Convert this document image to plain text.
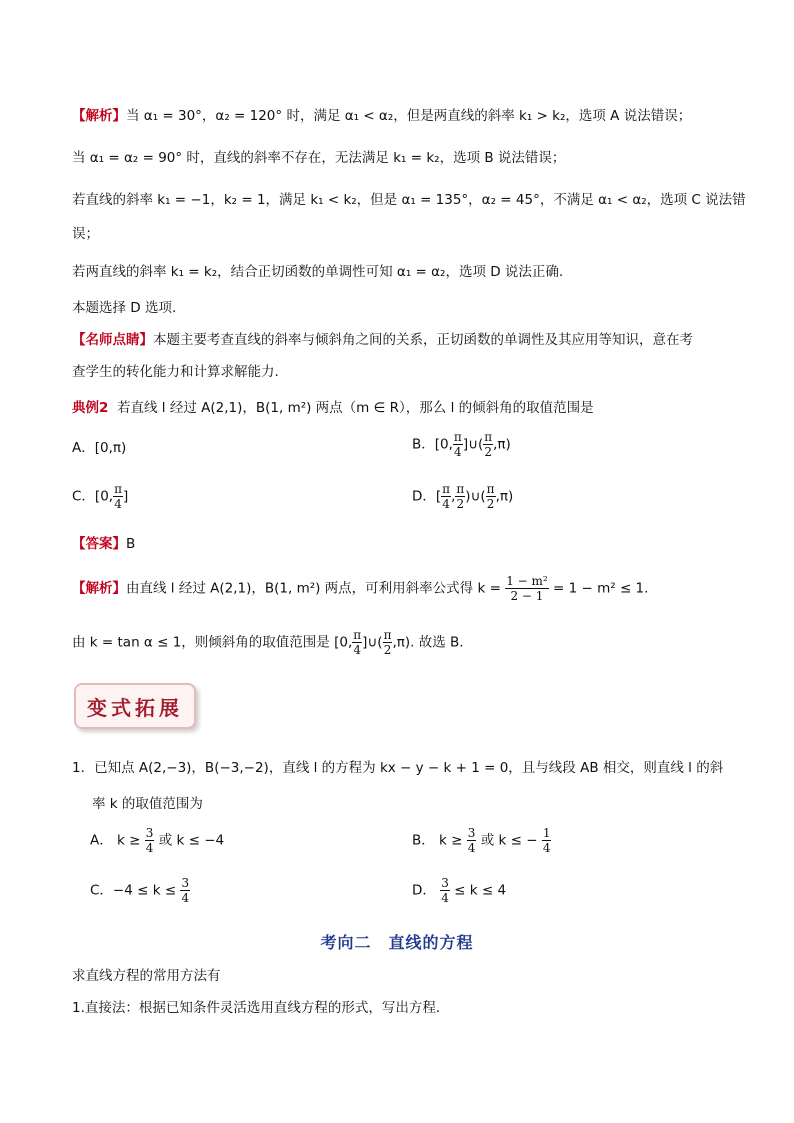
【解析】当 α₁ = 30°，α₂ = 120° 时，满足 α₁ < α₂，但是两直线的斜率 k₁ > k₂，选项 A 说法错误；
当 α₁ = α₂ = 90° 时，直线的斜率不存在，无法满足 k₁ = k₂，选项 B 说法错误；
若直线的斜率 k₁ = −1，k₂ = 1，满足 k₁ < k₂，但是 α₁ = 135°，α₂ = 45°，不满足 α₁ < α₂，选项 C 说法错
误；
若两直线的斜率 k₁ = k₂，结合正切函数的单调性可知 α₁ = α₂，选项 D 说法正确.
本题选择 D 选项.
【名师点睛】本题主要考查直线的斜率与倾斜角之间的关系，正切函数的单调性及其应用等知识，意在考
查学生的转化能力和计算求解能力.
典例2 若直线 l 经过 A(2,1)，B(1, m²) 两点（m ∈ R），那么 l 的倾斜角的取值范围是
A．[0,π)	B．[0, $\frac{\pi}{4}$ ]∪( $\frac{\pi}{2} ,\pi$)
C．[0, $\frac{\pi}{4}$ ]	D．[ $\frac{\pi}{4}$ , $\frac{\pi}{2}$ )∪( $\frac{\pi}{2} ,\pi$)
【答案】B
【解析】由直线 l 经过 A(2,1)，B(1, m²) 两点，可利用斜率公式得 $k = \frac{\text{1 − m²}}{2 - 1} = 1 - m^2 \le 1$.
由 k = tan α ≤ 1，则倾斜角的取值范围是 [0, $\frac{\pi}{4}$ ]∪( $\frac{\pi}{2} ,\pi$). 故选 B.
变式拓展
1．已知点 A(2,−3)，B(−3,−2)，直线 l 的方程为 kx − y − k + 1 = 0，且与线段 AB 相交，则直线 l 的斜
率 k 的取值范围为
A． $k \ge \frac{3}{4}$ 或 k ≤ −4	B． $k \ge \frac{3}{4}$ 或 k ≤ − $\frac{1}{4}$
C．$-4 \le k \le \frac{3}{4}$	D． $\frac{3}{4} \le k \le 4$
考向二　直线的方程
求直线方程的常用方法有
1.直接法：根据已知条件灵活选用直线方程的形式，写出方程．
